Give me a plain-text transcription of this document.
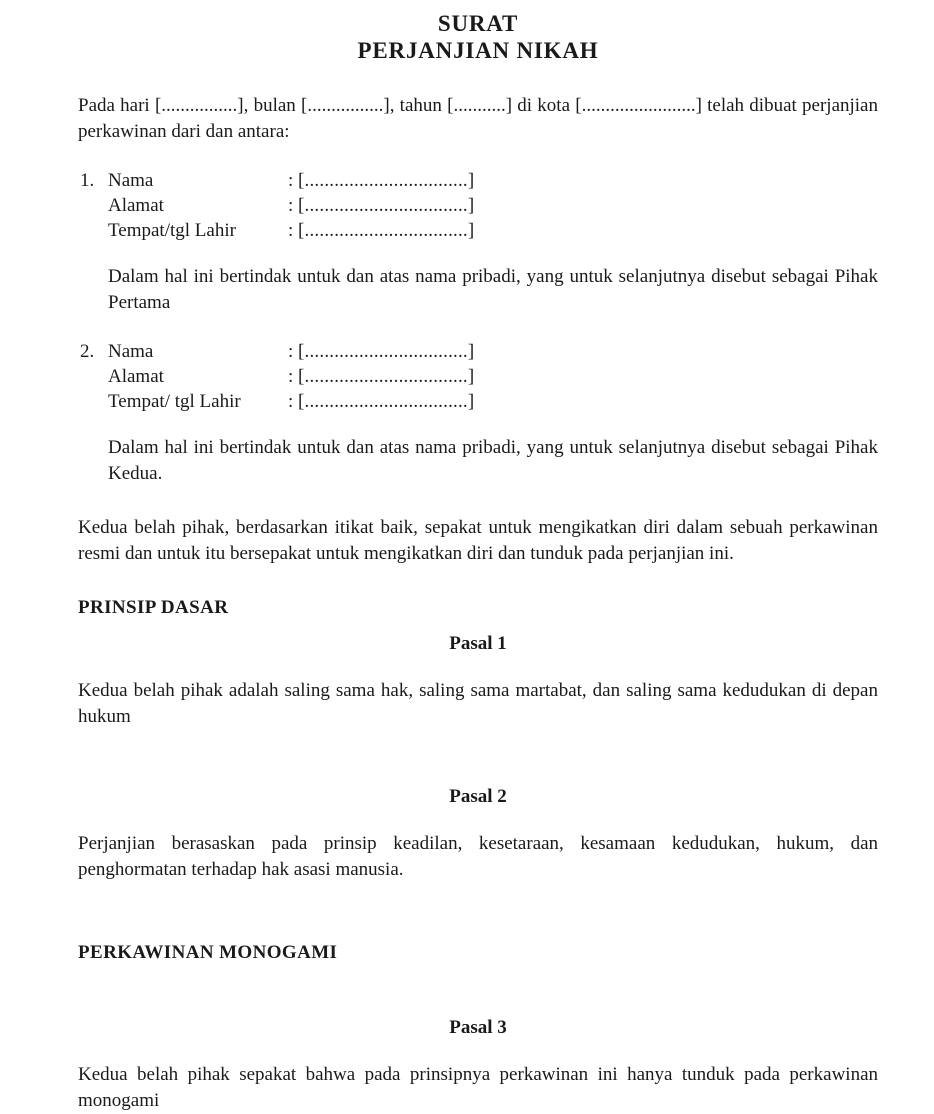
SURAT
PERJANJIAN NIKAH

Pada hari [................], bulan [................], tahun [...........] di kota [........................] telah dibuat perjanjian perkawinan dari dan antara:

1. Nama	: [.................................]
Alamat	: [.................................]
Tempat/tgl Lahir	: [.................................]

Dalam hal ini bertindak untuk dan atas nama pribadi, yang untuk selanjutnya disebut sebagai Pihak Pertama

2. Nama	: [.................................]
Alamat	: [.................................]
Tempat/ tgl Lahir	: [.................................]

Dalam hal ini bertindak untuk dan atas nama pribadi, yang untuk selanjutnya disebut sebagai Pihak Kedua.

Kedua belah pihak, berdasarkan itikat baik, sepakat untuk mengikatkan diri dalam sebuah perkawinan resmi dan untuk itu bersepakat untuk mengikatkan diri dan tunduk pada perjanjian ini.

PRINSIP DASAR
Pasal 1

Kedua belah pihak adalah saling sama hak, saling sama martabat, dan saling sama kedudukan di depan hukum

Pasal 2

Perjanjian berasaskan pada prinsip keadilan, kesetaraan, kesamaan kedudukan, hukum, dan penghormatan terhadap hak asasi manusia.

PERKAWINAN MONOGAMI
Pasal 3

Kedua belah pihak sepakat bahwa pada prinsipnya perkawinan ini hanya tunduk pada perkawinan monogami
